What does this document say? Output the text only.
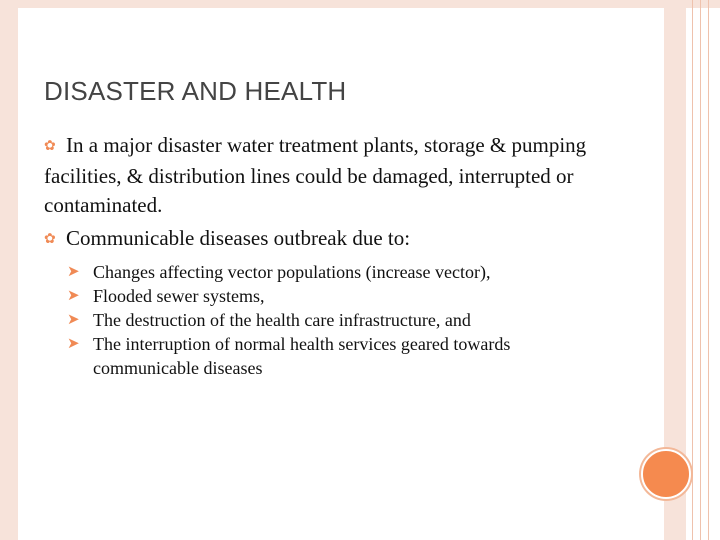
DISASTER AND HEALTH

✿ In a major disaster water treatment plants, storage & pumping facilities, & distribution lines could be damaged, interrupted or contaminated.

✿ Communicable diseases outbreak due to:

➤ Changes affecting vector populations (increase vector),
➤ Flooded sewer systems,
➤ The destruction of the health care infrastructure, and
➤ The interruption of normal health services geared towards communicable diseases
